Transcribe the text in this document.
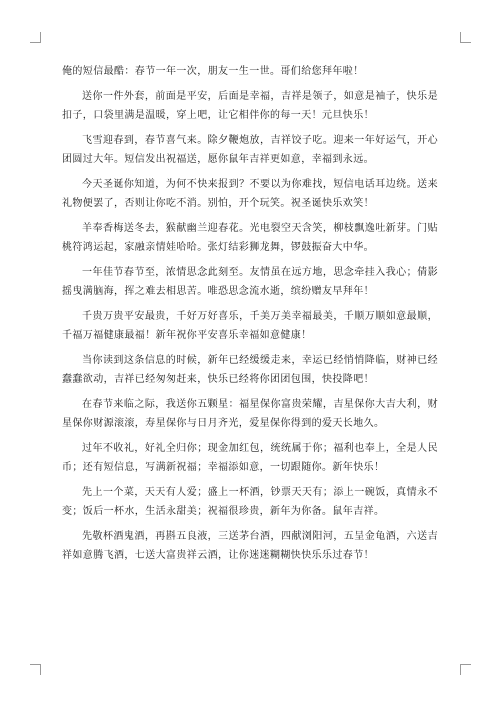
俺的短信最酷：春节一年一次，朋友一生一世。哥们给您拜年啦！

送你一件外套，前面是平安，后面是幸福，吉祥是领子，如意是袖子，快乐是扣子，口袋里满是温暖，穿上吧，让它相伴你的每一天！元旦快乐！

飞雪迎春到，春节喜气来。除夕鞭炮放，吉祥饺子吃。迎来一年好运气，开心团圆过大年。短信发出祝福送，愿你鼠年吉祥更如意，幸福到永远。

今天圣诞你知道，为何不快来报到？不要以为你难找，短信电话耳边绕。送来礼物便罢了，否则让你吃不消。别怕，开个玩笑。祝圣诞快乐欢笑！

羊奉香梅送冬去，猴献幽兰迎春花。光电裂空天含笑，柳枝飘逸吐新芽。门贴桃符鸿运起，家融亲情娃哈哈。张灯结彩狮龙舞，锣鼓振奋大中华。

一年佳节春节至，浓情思念此刻至。友情虽在远方地，思念牵挂入我心；倩影摇曳满脑海，挥之难去相思苦。唯恐思念流水逝，缤纷赠友早拜年！

千贵万贵平安最贵，千好万好喜乐，千美万美幸福最美，千顺万顺如意最顺，千福万福健康最福！新年祝你平安喜乐幸福如意健康！

当你读到这条信息的时候，新年已经缓缓走来，幸运已经悄悄降临，财神已经蠢蠢欲动，吉祥已经匆匆赶来，快乐已经将你团团包围，快投降吧！

在春节来临之际，我送你五颗星：福星保你富贵荣耀，吉星保你大吉大利，财星保你财源滚滚，寿星保你与日月齐光，爱星保你得到的爱天长地久。

过年不收礼，好礼全归你；现金加红包，统统属于你；福利也奉上，全是人民币；还有短信息，写满新祝福；幸福添如意，一切跟随你。新年快乐！

先上一个菜，天天有人爱；盛上一杯酒，钞票天天有；添上一碗饭，真情永不变；饭后一杯水，生活永甜美；祝福很珍贵，新年为你备。鼠年吉祥。

先敬杯酒鬼酒，再斟五良液，三送茅台酒，四献浏阳河，五呈金龟酒，六送吉祥如意腾飞酒，七送大富贵祥云酒，让你迷迷糊糊快快乐乐过春节！
